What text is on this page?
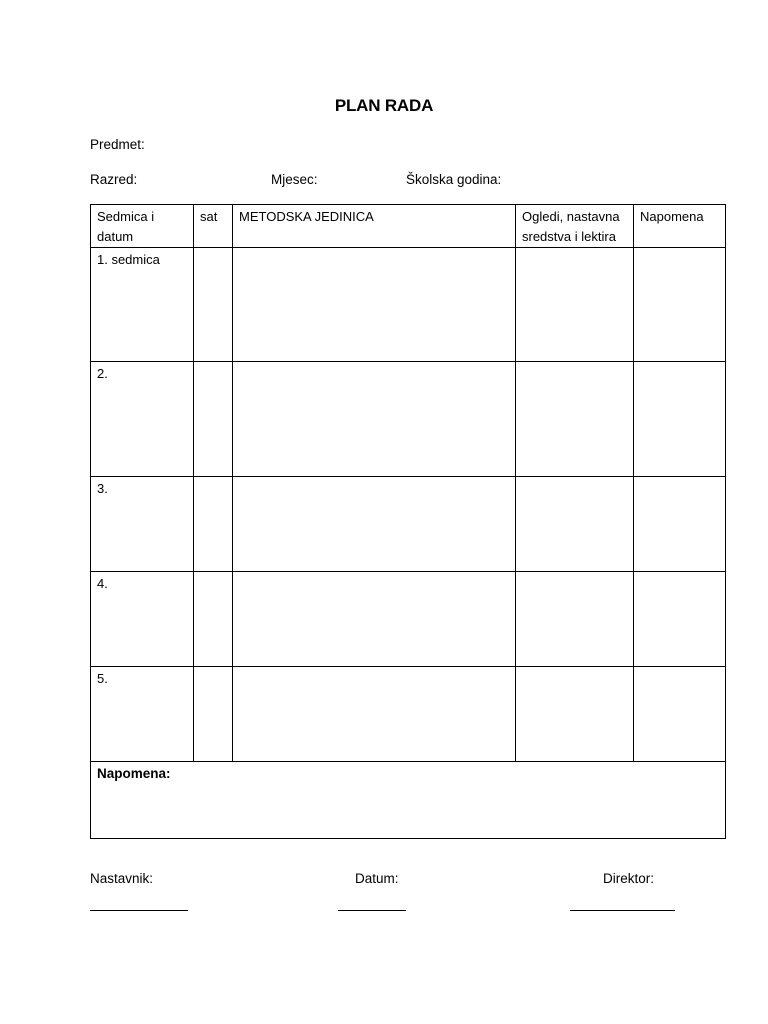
PLAN RADA
Predmet:
Razred:	Mjesec:	Školska godina:
Sedmica i datum	sat	METODSKA JEDINICA	Ogledi, nastavna sredstva i lektira	Napomena
1. sedmica				
2.				
3.				
4.				
5.				
Napomena:				
Nastavnik:	Datum:	Direktor:
